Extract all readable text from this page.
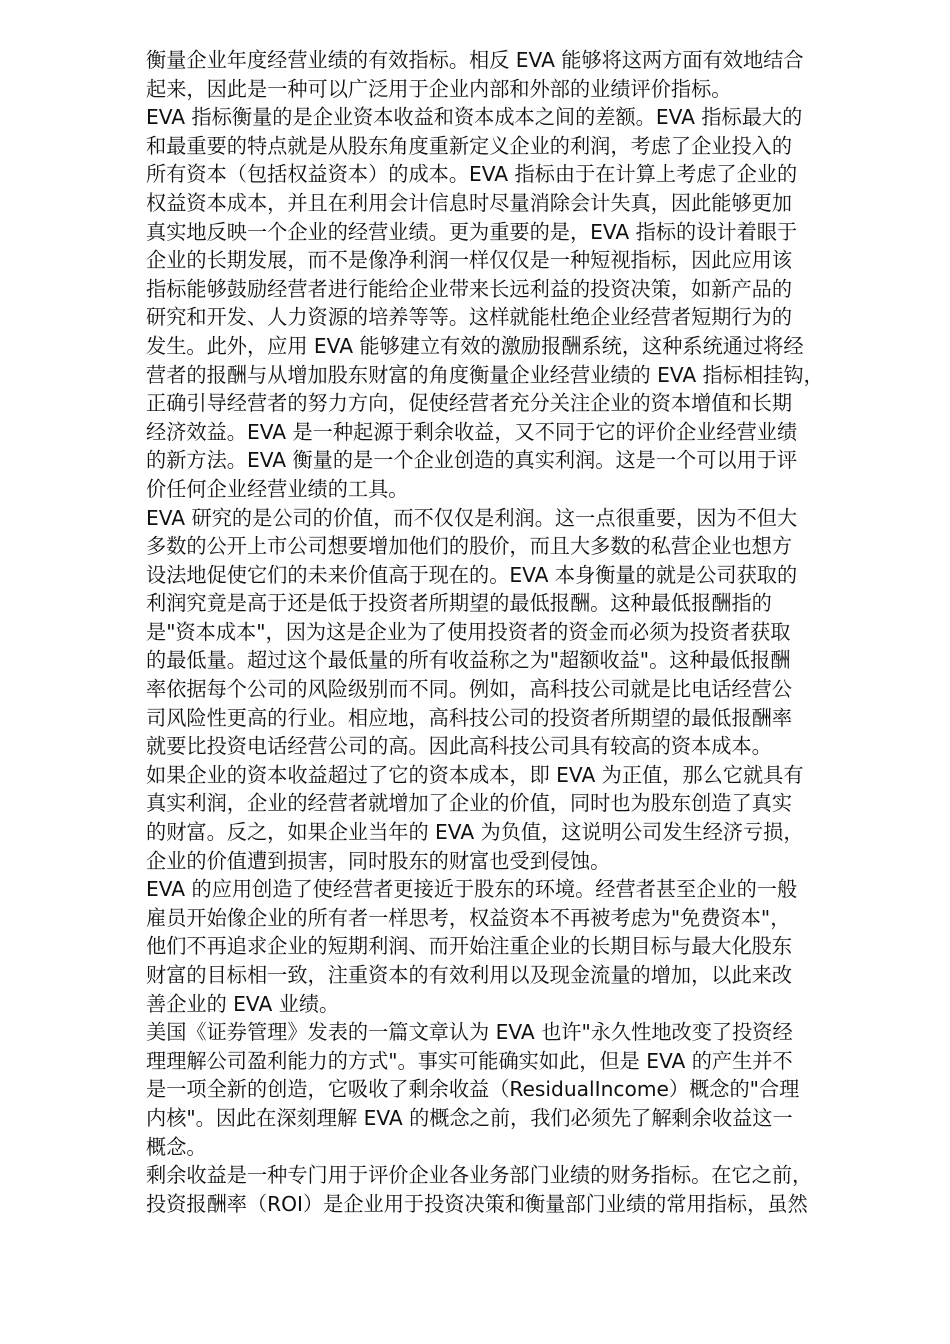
衡量企业年度经营业绩的有效指标。相反 EVA 能够将这两方面有效地结合
起来，因此是一种可以广泛用于企业内部和外部的业绩评价指标。
EVA 指标衡量的是企业资本收益和资本成本之间的差额。EVA 指标最大的
和最重要的特点就是从股东角度重新定义企业的利润，考虑了企业投入的
所有资本（包括权益资本）的成本。EVA 指标由于在计算上考虑了企业的
权益资本成本，并且在利用会计信息时尽量消除会计失真，因此能够更加
真实地反映一个企业的经营业绩。更为重要的是，EVA 指标的设计着眼于
企业的长期发展，而不是像净利润一样仅仅是一种短视指标，因此应用该
指标能够鼓励经营者进行能给企业带来长远利益的投资决策，如新产品的
研究和开发、人力资源的培养等等。这样就能杜绝企业经营者短期行为的
发生。此外，应用 EVA 能够建立有效的激励报酬系统，这种系统通过将经
营者的报酬与从增加股东财富的角度衡量企业经营业绩的 EVA 指标相挂钩，
正确引导经营者的努力方向，促使经营者充分关注企业的资本增值和长期
经济效益。EVA 是一种起源于剩余收益，又不同于它的评价企业经营业绩
的新方法。EVA 衡量的是一个企业创造的真实利润。这是一个可以用于评
价任何企业经营业绩的工具。
EVA 研究的是公司的价值，而不仅仅是利润。这一点很重要，因为不但大
多数的公开上市公司想要增加他们的股价，而且大多数的私营企业也想方
设法地促使它们的未来价值高于现在的。EVA 本身衡量的就是公司获取的
利润究竟是高于还是低于投资者所期望的最低报酬。这种最低报酬指的
是"资本成本"，因为这是企业为了使用投资者的资金而必须为投资者获取
的最低量。超过这个最低量的所有收益称之为"超额收益"。这种最低报酬
率依据每个公司的风险级别而不同。例如，高科技公司就是比电话经营公
司风险性更高的行业。相应地，高科技公司的投资者所期望的最低报酬率
就要比投资电话经营公司的高。因此高科技公司具有较高的资本成本。
如果企业的资本收益超过了它的资本成本，即 EVA 为正值，那么它就具有
真实利润，企业的经营者就增加了企业的价值，同时也为股东创造了真实
的财富。反之，如果企业当年的 EVA 为负值，这说明公司发生经济亏损，
企业的价值遭到损害，同时股东的财富也受到侵蚀。
EVA 的应用创造了使经营者更接近于股东的环境。经营者甚至企业的一般
雇员开始像企业的所有者一样思考，权益资本不再被考虑为"免费资本"，
他们不再追求企业的短期利润、而开始注重企业的长期目标与最大化股东
财富的目标相一致，注重资本的有效利用以及现金流量的增加，以此来改
善企业的 EVA 业绩。
美国《证券管理》发表的一篇文章认为 EVA 也许"永久性地改变了投资经
理理解公司盈利能力的方式"。事实可能确实如此，但是 EVA 的产生并不
是一项全新的创造，它吸收了剩余收益（ResidualIncome）概念的"合理
内核"。因此在深刻理解 EVA 的概念之前，我们必须先了解剩余收益这一
概念。
剩余收益是一种专门用于评价企业各业务部门业绩的财务指标。在它之前，
投资报酬率（ROI）是企业用于投资决策和衡量部门业绩的常用指标，虽然
